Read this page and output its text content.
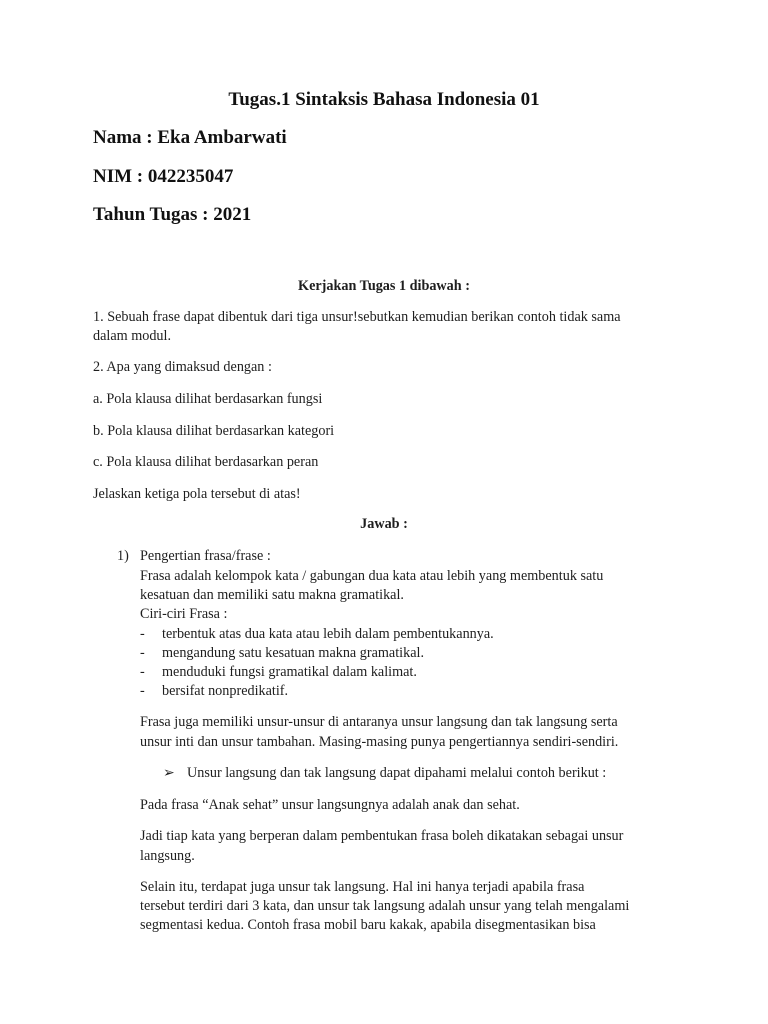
Tugas.1 Sintaksis Bahasa Indonesia 01
Nama : Eka Ambarwati
NIM : 042235047
Tahun Tugas : 2021
Kerjakan Tugas 1 dibawah :
1. Sebuah frase dapat dibentuk dari tiga unsur!sebutkan kemudian berikan contoh tidak sama
dalam modul.
2. Apa yang dimaksud dengan :
a. Pola klausa dilihat berdasarkan fungsi
b. Pola klausa dilihat berdasarkan kategori
c. Pola klausa dilihat berdasarkan peran
Jelaskan ketiga pola tersebut di atas!
Jawab :
1) Pengertian frasa/frase :
Frasa adalah kelompok kata / gabungan dua kata atau lebih yang membentuk satu
kesatuan dan memiliki satu makna gramatikal.
Ciri-ciri Frasa :
- terbentuk atas dua kata atau lebih dalam pembentukannya.
- mengandung satu kesatuan makna gramatikal.
- menduduki fungsi gramatikal dalam kalimat.
- bersifat nonpredikatif.
Frasa juga memiliki unsur-unsur di antaranya unsur langsung dan tak langsung serta
unsur inti dan unsur tambahan. Masing-masing punya pengertiannya sendiri-sendiri.
➢ Unsur langsung dan tak langsung dapat dipahami melalui contoh berikut :
Pada frasa “Anak sehat” unsur langsungnya adalah anak dan sehat.
Jadi tiap kata yang berperan dalam pembentukan frasa boleh dikatakan sebagai unsur
langsung.
Selain itu, terdapat juga unsur tak langsung. Hal ini hanya terjadi apabila frasa
tersebut terdiri dari 3 kata, dan unsur tak langsung adalah unsur yang telah mengalami
segmentasi kedua. Contoh frasa mobil baru kakak, apabila disegmentasikan bisa
